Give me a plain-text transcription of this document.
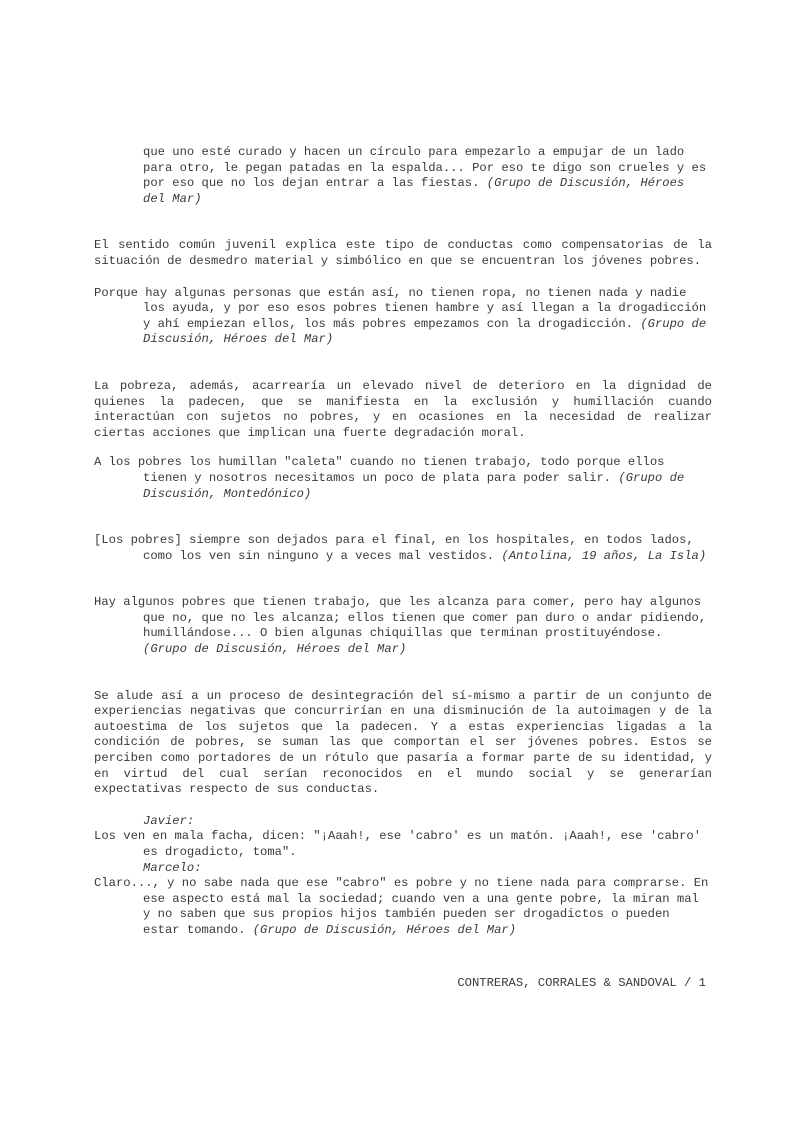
que uno esté curado y hacen un círculo para empezarlo a empujar de un lado para otro, le pegan patadas en la espalda... Por eso te digo son crueles y es por eso que no los dejan entrar a las fiestas. (Grupo de Discusión, Héroes del Mar)

El sentido común juvenil explica este tipo de conductas como compensatorias de la situación de desmedro material y simbólico en que se encuentran los jóvenes pobres.

Porque hay algunas personas que están así, no tienen ropa, no tienen nada y nadie los ayuda, y por eso esos pobres tienen hambre y así llegan a la drogadicción y ahí empiezan ellos, los más pobres empezamos con la drogadicción. (Grupo de Discusión, Héroes del Mar)

La pobreza, además, acarrearía un elevado nivel de deterioro en la dignidad de quienes la padecen, que se manifiesta en la exclusión y humillación cuando interactúan con sujetos no pobres, y en ocasiones en la necesidad de realizar ciertas acciones que implican una fuerte degradación moral.

A los pobres los humillan "caleta" cuando no tienen trabajo, todo porque ellos tienen y nosotros necesitamos un poco de plata para poder salir. (Grupo de Discusión, Montedónico)

[Los pobres] siempre son dejados para el final, en los hospitales, en todos lados, como los ven sin ninguno y a veces mal vestidos. (Antolina, 19 años, La Isla)

Hay algunos pobres que tienen trabajo, que les alcanza para comer, pero hay algunos que no, que no les alcanza; ellos tienen que comer pan duro o andar pidiendo, humillándose... O bien algunas chiquillas que terminan prostituyéndose. (Grupo de Discusión, Héroes del Mar)

Se alude así a un proceso de desintegración del sí-mismo a partir de un conjunto de experiencias negativas que concurrirían en una disminución de la autoimagen y de la autoestima de los sujetos que la padecen. Y a estas experiencias ligadas a la condición de pobres, se suman las que comportan el ser jóvenes pobres. Estos se perciben como portadores de un rótulo que pasaría a formar parte de su identidad, y en virtud del cual serían reconocidos en el mundo social y se generarían expectativas respecto de sus conductas.

Javier:

Los ven en mala facha, dicen: "¡Aaah!, ese 'cabro' es un matón. ¡Aaah!, ese 'cabro' es drogadicto, toma".

Marcelo:

Claro..., y no sabe nada que ese "cabro" es pobre y no tiene nada para comprarse. En ese aspecto está mal la sociedad; cuando ven a una gente pobre, la miran mal y no saben que sus propios hijos también pueden ser drogadictos o pueden estar tomando. (Grupo de Discusión, Héroes del Mar)

CONTRERAS, CORRALES & SANDOVAL / 1
